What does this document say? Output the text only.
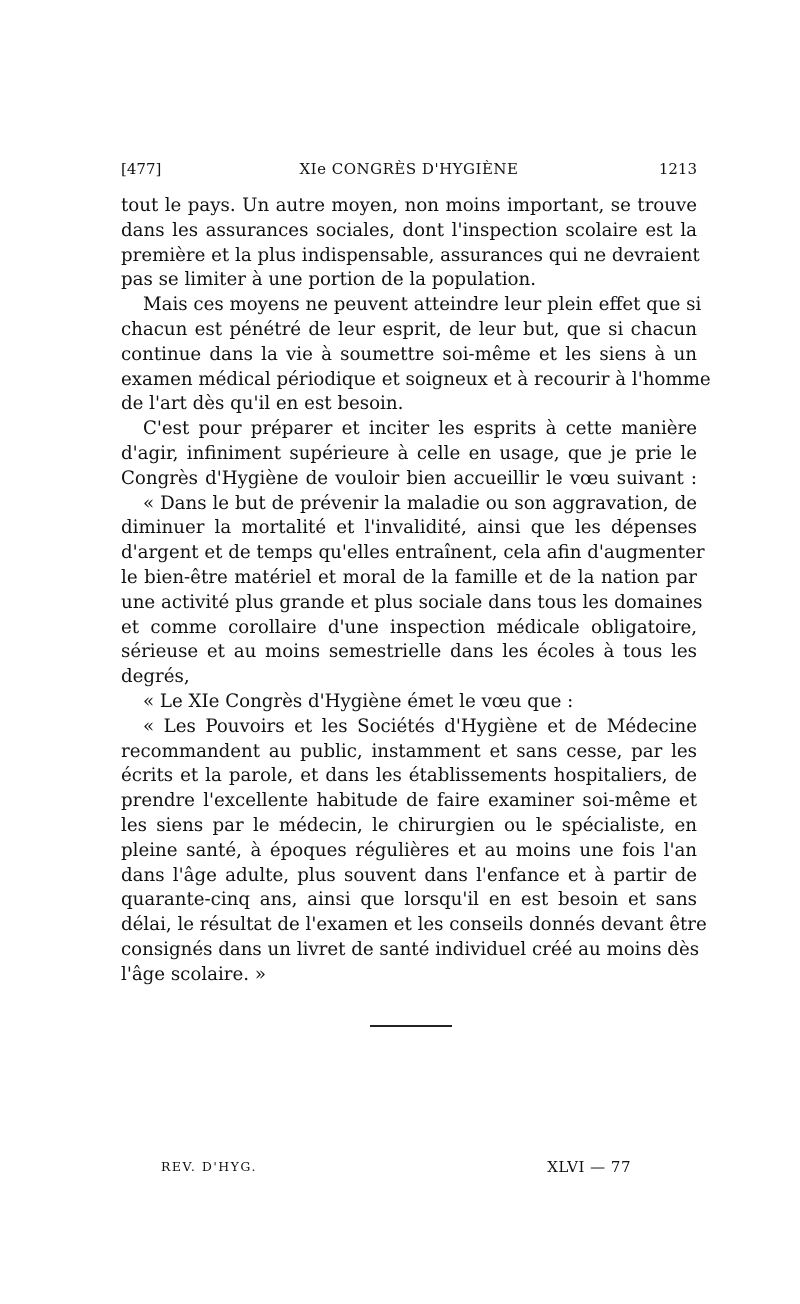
[477]	XIe CONGRÈS D'HYGIÈNE	1213
tout le pays. Un autre moyen, non moins important, se trouve
dans les assurances sociales, dont l'inspection scolaire est la
première et la plus indispensable, assurances qui ne devraient
pas se limiter à une portion de la population.
Mais ces moyens ne peuvent atteindre leur plein effet que si
chacun est pénétré de leur esprit, de leur but, que si chacun
continue dans la vie à soumettre soi-même et les siens à un
examen médical périodique et soigneux et à recourir à l'homme
de l'art dès qu'il en est besoin.
C'est pour préparer et inciter les esprits à cette manière
d'agir, infiniment supérieure à celle en usage, que je prie le
Congrès d'Hygiène de vouloir bien accueillir le vœu suivant :
« Dans le but de prévenir la maladie ou son aggravation, de
diminuer la mortalité et l'invalidité, ainsi que les dépenses
d'argent et de temps qu'elles entraînent, cela afin d'augmenter
le bien-être matériel et moral de la famille et de la nation par
une activité plus grande et plus sociale dans tous les domaines
et comme corollaire d'une inspection médicale obligatoire,
sérieuse et au moins semestrielle dans les écoles à tous les
degrés,
« Le XIe Congrès d'Hygiène émet le vœu que :
« Les Pouvoirs et les Sociétés d'Hygiène et de Médecine
recommandent au public, instamment et sans cesse, par les
écrits et la parole, et dans les établissements hospitaliers, de
prendre l'excellente habitude de faire examiner soi-même et
les siens par le médecin, le chirurgien ou le spécialiste, en
pleine santé, à époques régulières et au moins une fois l'an
dans l'âge adulte, plus souvent dans l'enfance et à partir de
quarante-cinq ans, ainsi que lorsqu'il en est besoin et sans
délai, le résultat de l'examen et les conseils donnés devant être
consignés dans un livret de santé individuel créé au moins dès
l'âge scolaire. »
REV. D'HYG.	XLVI — 77
